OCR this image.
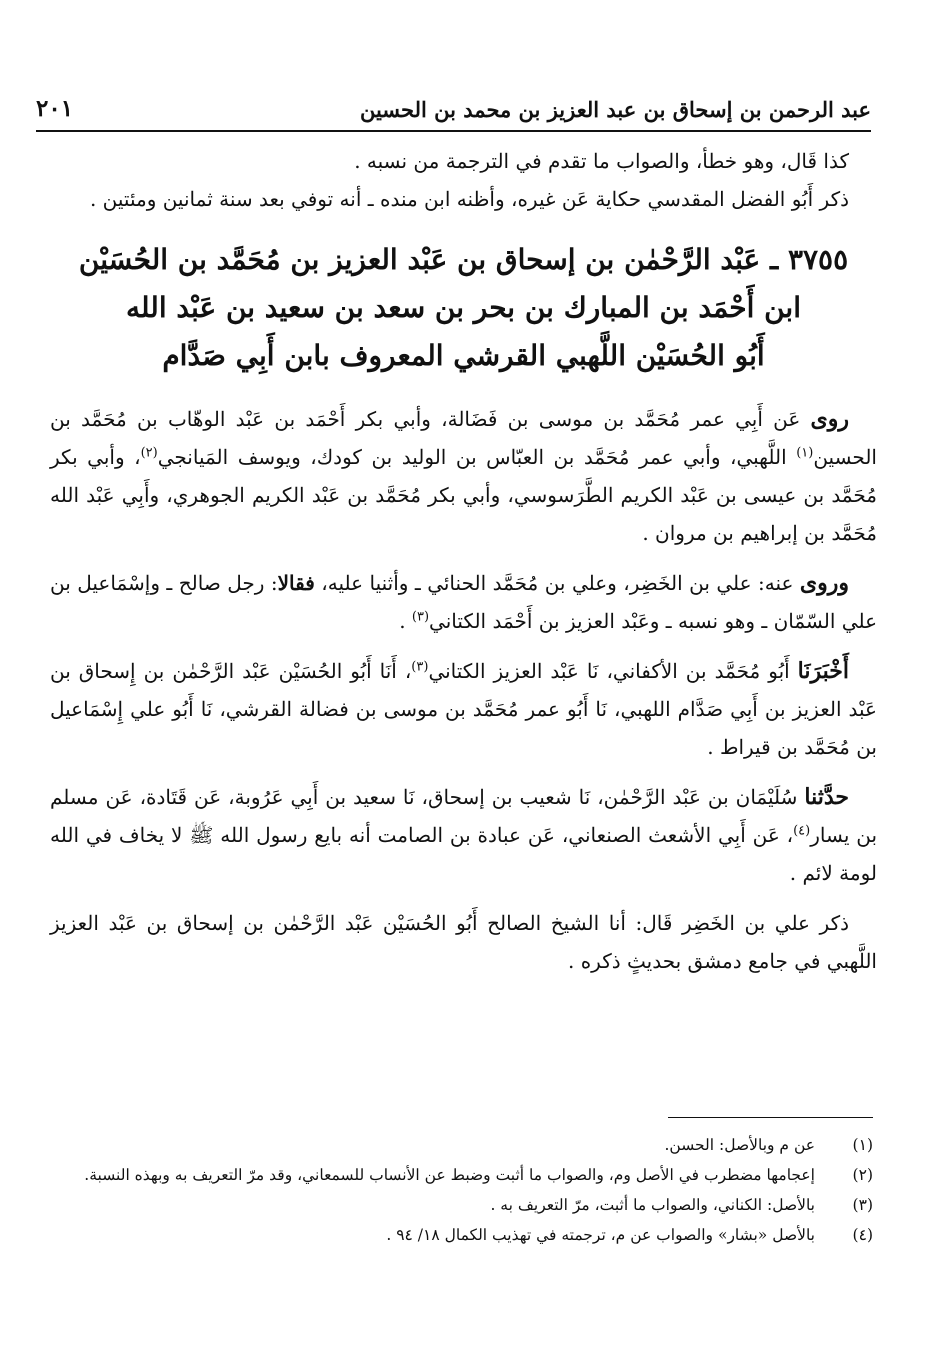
عبد الرحمن بن إسحاق بن عبد العزيز بن محمد بن الحسين
٢٠١

كذا قَال، وهو خطأ، والصواب ما تقدم في الترجمة من نسبه .

ذكر أَبُو الفضل المقدسي حكاية عَن غيره، وأظنه ابن منده ـ أنه توفي بعد سنة ثمانين ومئتين .

٣٧٥٥ ـ عَبْد الرَّحْمٰن بن إسحاق بن عَبْد العزيز بن مُحَمَّد بن الحُسَيْن
ابن أَحْمَد بن المبارك بن بحر بن سعد بن سعيد بن عَبْد الله
أَبُو الحُسَيْن اللَّهبي القرشي المعروف بابن أَبِي صَدَّام

روى عَن أَبِي عمر مُحَمَّد بن موسى بن فَضَالة، وأبي بكر أَحْمَد بن عَبْد الوهّاب بن مُحَمَّد بن الحسين$^{(١)}$ اللَّهبي، وأبي عمر مُحَمَّد بن العبّاس بن الوليد بن كودك، ويوسف المَيانجي$^{(٢)}$، وأبي بكر مُحَمَّد بن عيسى بن عَبْد الكريم الطَّرَسوسي، وأبي بكر مُحَمَّد بن عَبْد الكريم الجوهري، وأَبِي عَبْد الله مُحَمَّد بن إبراهيم بن مروان .

وروى عنه: علي بن الخَضِر، وعلي بن مُحَمَّد الحنائي ـ وأثنيا عليه، فقالا: رجل صالح ـ وإسْمَاعيل بن علي السّمّان ـ وهو نسبه ـ وعَبْد العزيز بن أَحْمَد الكتاني$^{(٣)}$ .

أَخْبَرَنَا أَبُو مُحَمَّد بن الأكفاني، نَا عَبْد العزيز الكتاني$^{(٣)}$، أَنَا أَبُو الحُسَيْن عَبْد الرَّحْمٰن بن إِسحاق بن عَبْد العزيز بن أَبِي صَدَّام اللهبي، نَا أَبُو عمر مُحَمَّد بن موسى بن فضالة القرشي، نَا أَبُو علي إِسْمَاعيل بن مُحَمَّد بن قيراط .

حدَّثنا سُلَيْمَان بن عَبْد الرَّحْمٰن، نَا شعيب بن إسحاق، نَا سعيد بن أَبِي عَرُوبة، عَن قَتَادة، عَن مسلم بن يسار$^{(٤)}$، عَن أَبِي الأشعث الصنعاني، عَن عبادة بن الصامت أنه بايع رسول الله ﷺ لا يخاف في الله لومة لائم .

ذكر علي بن الخَضِر قَال: أنا الشيخ الصالح أَبُو الحُسَيْن عَبْد الرَّحْمٰن بن إسحاق بن عَبْد العزيز اللَّهبي في جامع دمشق بحديثٍ ذكره .

(١)
عن م وبالأصل: الحسن.
(٢)
إعجامها مضطرب في الأصل وم، والصواب ما أثبت وضبط عن الأنساب للسمعاني، وقد مرّ التعريف به وبهذه النسبة.
(٣)
بالأصل: الكناني، والصواب ما أثبت، مرّ التعريف به .
(٤)
بالأصل «بشار» والصواب عن م، ترجمته في تهذيب الكمال ١٨/ ٩٤ .
